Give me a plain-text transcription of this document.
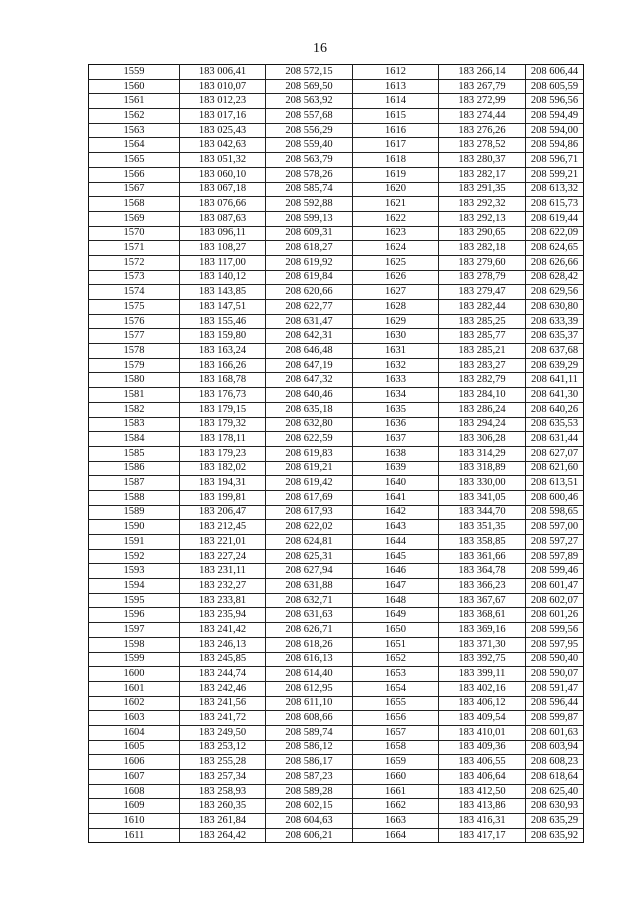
16
1559	183 006,41	208 572,15	1612	183 266,14	208 606,44
1560	183 010,07	208 569,50	1613	183 267,79	208 605,59
1561	183 012,23	208 563,92	1614	183 272,99	208 596,56
1562	183 017,16	208 557,68	1615	183 274,44	208 594,49
1563	183 025,43	208 556,29	1616	183 276,26	208 594,00
1564	183 042,63	208 559,40	1617	183 278,52	208 594,86
1565	183 051,32	208 563,79	1618	183 280,37	208 596,71
1566	183 060,10	208 578,26	1619	183 282,17	208 599,21
1567	183 067,18	208 585,74	1620	183 291,35	208 613,32
1568	183 076,66	208 592,88	1621	183 292,32	208 615,73
1569	183 087,63	208 599,13	1622	183 292,13	208 619,44
1570	183 096,11	208 609,31	1623	183 290,65	208 622,09
1571	183 108,27	208 618,27	1624	183 282,18	208 624,65
1572	183 117,00	208 619,92	1625	183 279,60	208 626,66
1573	183 140,12	208 619,84	1626	183 278,79	208 628,42
1574	183 143,85	208 620,66	1627	183 279,47	208 629,56
1575	183 147,51	208 622,77	1628	183 282,44	208 630,80
1576	183 155,46	208 631,47	1629	183 285,25	208 633,39
1577	183 159,80	208 642,31	1630	183 285,77	208 635,37
1578	183 163,24	208 646,48	1631	183 285,21	208 637,68
1579	183 166,26	208 647,19	1632	183 283,27	208 639,29
1580	183 168,78	208 647,32	1633	183 282,79	208 641,11
1581	183 176,73	208 640,46	1634	183 284,10	208 641,30
1582	183 179,15	208 635,18	1635	183 286,24	208 640,26
1583	183 179,32	208 632,80	1636	183 294,24	208 635,53
1584	183 178,11	208 622,59	1637	183 306,28	208 631,44
1585	183 179,23	208 619,83	1638	183 314,29	208 627,07
1586	183 182,02	208 619,21	1639	183 318,89	208 621,60
1587	183 194,31	208 619,42	1640	183 330,00	208 613,51
1588	183 199,81	208 617,69	1641	183 341,05	208 600,46
1589	183 206,47	208 617,93	1642	183 344,70	208 598,65
1590	183 212,45	208 622,02	1643	183 351,35	208 597,00
1591	183 221,01	208 624,81	1644	183 358,85	208 597,27
1592	183 227,24	208 625,31	1645	183 361,66	208 597,89
1593	183 231,11	208 627,94	1646	183 364,78	208 599,46
1594	183 232,27	208 631,88	1647	183 366,23	208 601,47
1595	183 233,81	208 632,71	1648	183 367,67	208 602,07
1596	183 235,94	208 631,63	1649	183 368,61	208 601,26
1597	183 241,42	208 626,71	1650	183 369,16	208 599,56
1598	183 246,13	208 618,26	1651	183 371,30	208 597,95
1599	183 245,85	208 616,13	1652	183 392,75	208 590,40
1600	183 244,74	208 614,40	1653	183 399,11	208 590,07
1601	183 242,46	208 612,95	1654	183 402,16	208 591,47
1602	183 241,56	208 611,10	1655	183 406,12	208 596,44
1603	183 241,72	208 608,66	1656	183 409,54	208 599,87
1604	183 249,50	208 589,74	1657	183 410,01	208 601,63
1605	183 253,12	208 586,12	1658	183 409,36	208 603,94
1606	183 255,28	208 586,17	1659	183 406,55	208 608,23
1607	183 257,34	208 587,23	1660	183 406,64	208 618,64
1608	183 258,93	208 589,28	1661	183 412,50	208 625,40
1609	183 260,35	208 602,15	1662	183 413,86	208 630,93
1610	183 261,84	208 604,63	1663	183 416,31	208 635,29
1611	183 264,42	208 606,21	1664	183 417,17	208 635,92
